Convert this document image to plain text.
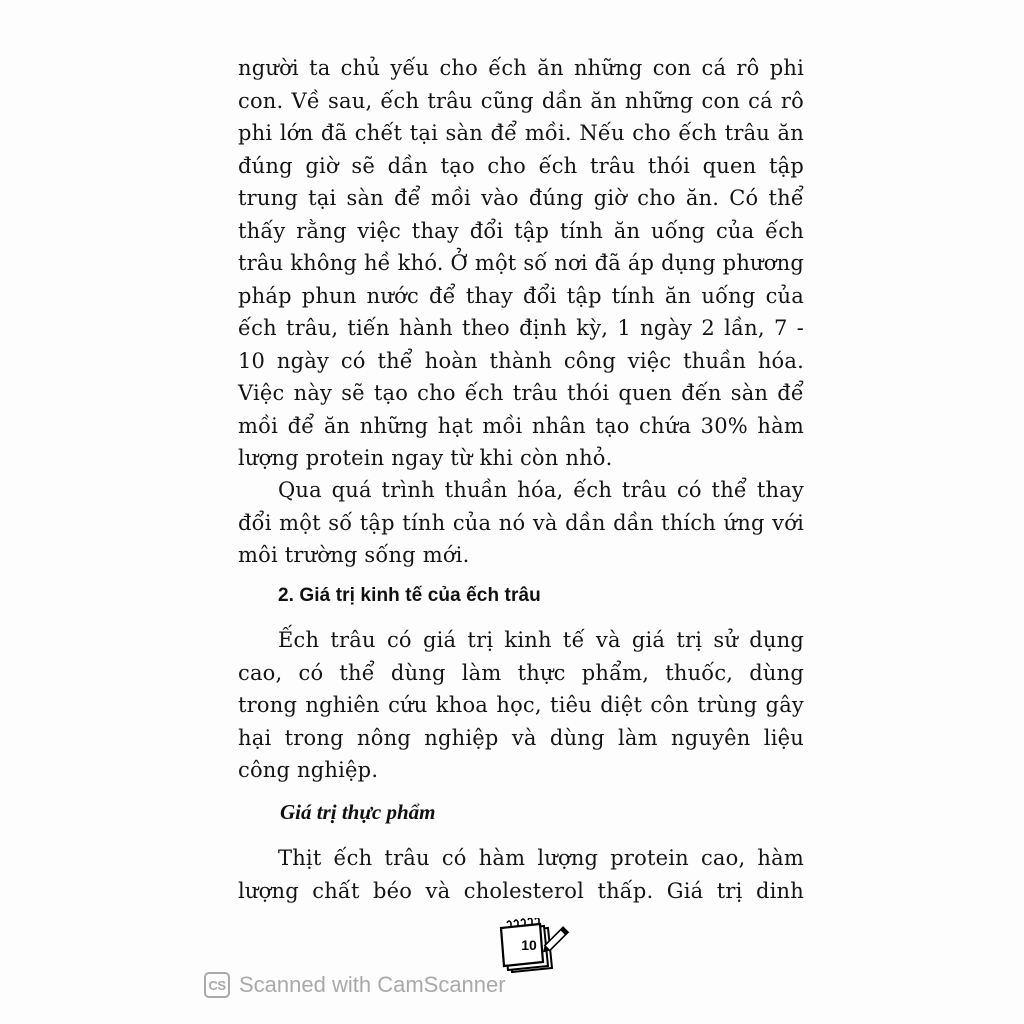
người ta chủ yếu cho ếch ăn những con cá rô phi
con. Về sau, ếch trâu cũng dần ăn những con cá rô
phi lớn đã chết tại sàn để mồi. Nếu cho ếch trâu ăn
đúng giờ sẽ dần tạo cho ếch trâu thói quen tập
trung tại sàn để mồi vào đúng giờ cho ăn. Có thể
thấy rằng việc thay đổi tập tính ăn uống của ếch
trâu không hề khó. Ở một số nơi đã áp dụng phương
pháp phun nước để thay đổi tập tính ăn uống của
ếch trâu, tiến hành theo định kỳ, 1 ngày 2 lần, 7 -
10 ngày có thể hoàn thành công việc thuần hóa.
Việc này sẽ tạo cho ếch trâu thói quen đến sàn để
mồi để ăn những hạt mồi nhân tạo chứa 30% hàm
lượng protein ngay từ khi còn nhỏ.
Qua quá trình thuần hóa, ếch trâu có thể thay
đổi một số tập tính của nó và dần dần thích ứng với
môi trường sống mới.
2. Giá trị kinh tế của ếch trâu
Ếch trâu có giá trị kinh tế và giá trị sử dụng
cao, có thể dùng làm thực phẩm, thuốc, dùng
trong nghiên cứu khoa học, tiêu diệt côn trùng gây
hại trong nông nghiệp và dùng làm nguyên liệu
công nghiệp.
Giá trị thực phẩm
Thịt ếch trâu có hàm lượng protein cao, hàm
lượng chất béo và cholesterol thấp. Giá trị dinh
10
CS Scanned with CamScanner
